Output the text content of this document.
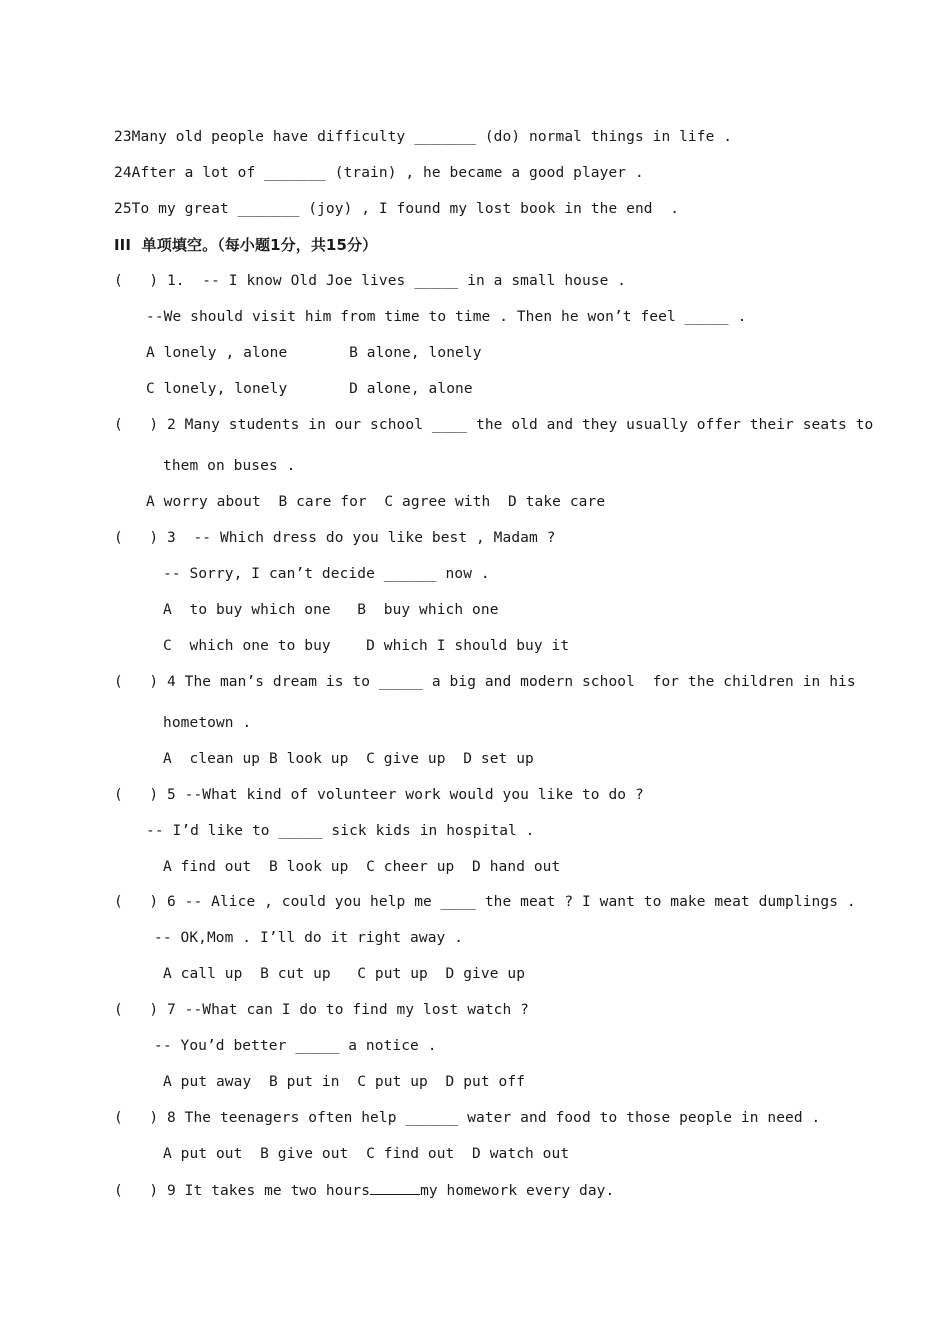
23Many old people have difficulty _______ (do) normal things in life .
24After a lot of _______ (train) , he became a good player .
25To my great _______ (joy) , I found my lost book in the end  .
III  单项填空。（每小题1分，共15分）
(   ) 1.  -- I know Old Joe lives _____ in a small house .
--We should visit him from time to time . Then he won’t feel _____ .
A lonely , alone       B alone, lonely
C lonely, lonely       D alone, alone
(   ) 2 Many students in our school ____ the old and they usually offer their seats to
them on buses .
A worry about  B care for  C agree with  D take care
(   ) 3  -- Which dress do you like best , Madam ?
-- Sorry, I can’t decide ______ now .
A  to buy which one   B  buy which one
C  which one to buy    D which I should buy it
(   ) 4 The man’s dream is to _____ a big and modern school  for the children in his
hometown .
A  clean up B look up  C give up  D set up
(   ) 5 --What kind of volunteer work would you like to do ?
-- I’d like to _____ sick kids in hospital .
A find out  B look up  C cheer up  D hand out
(   ) 6 -- Alice , could you help me ____ the meat ? I want to make meat dumplings .
-- OK,Mom . I’ll do it right away .
A call up  B cut up   C put up  D give up
(   ) 7 --What can I do to find my lost watch ?
-- You’d better _____ a notice .
A put away  B put in  C put up  D put off
(   ) 8 The teenagers often help ______ water and food to those people in need .
A put out  B give out  C find out  D watch out
(   ) 9 It takes me two hours	my homework every day.
